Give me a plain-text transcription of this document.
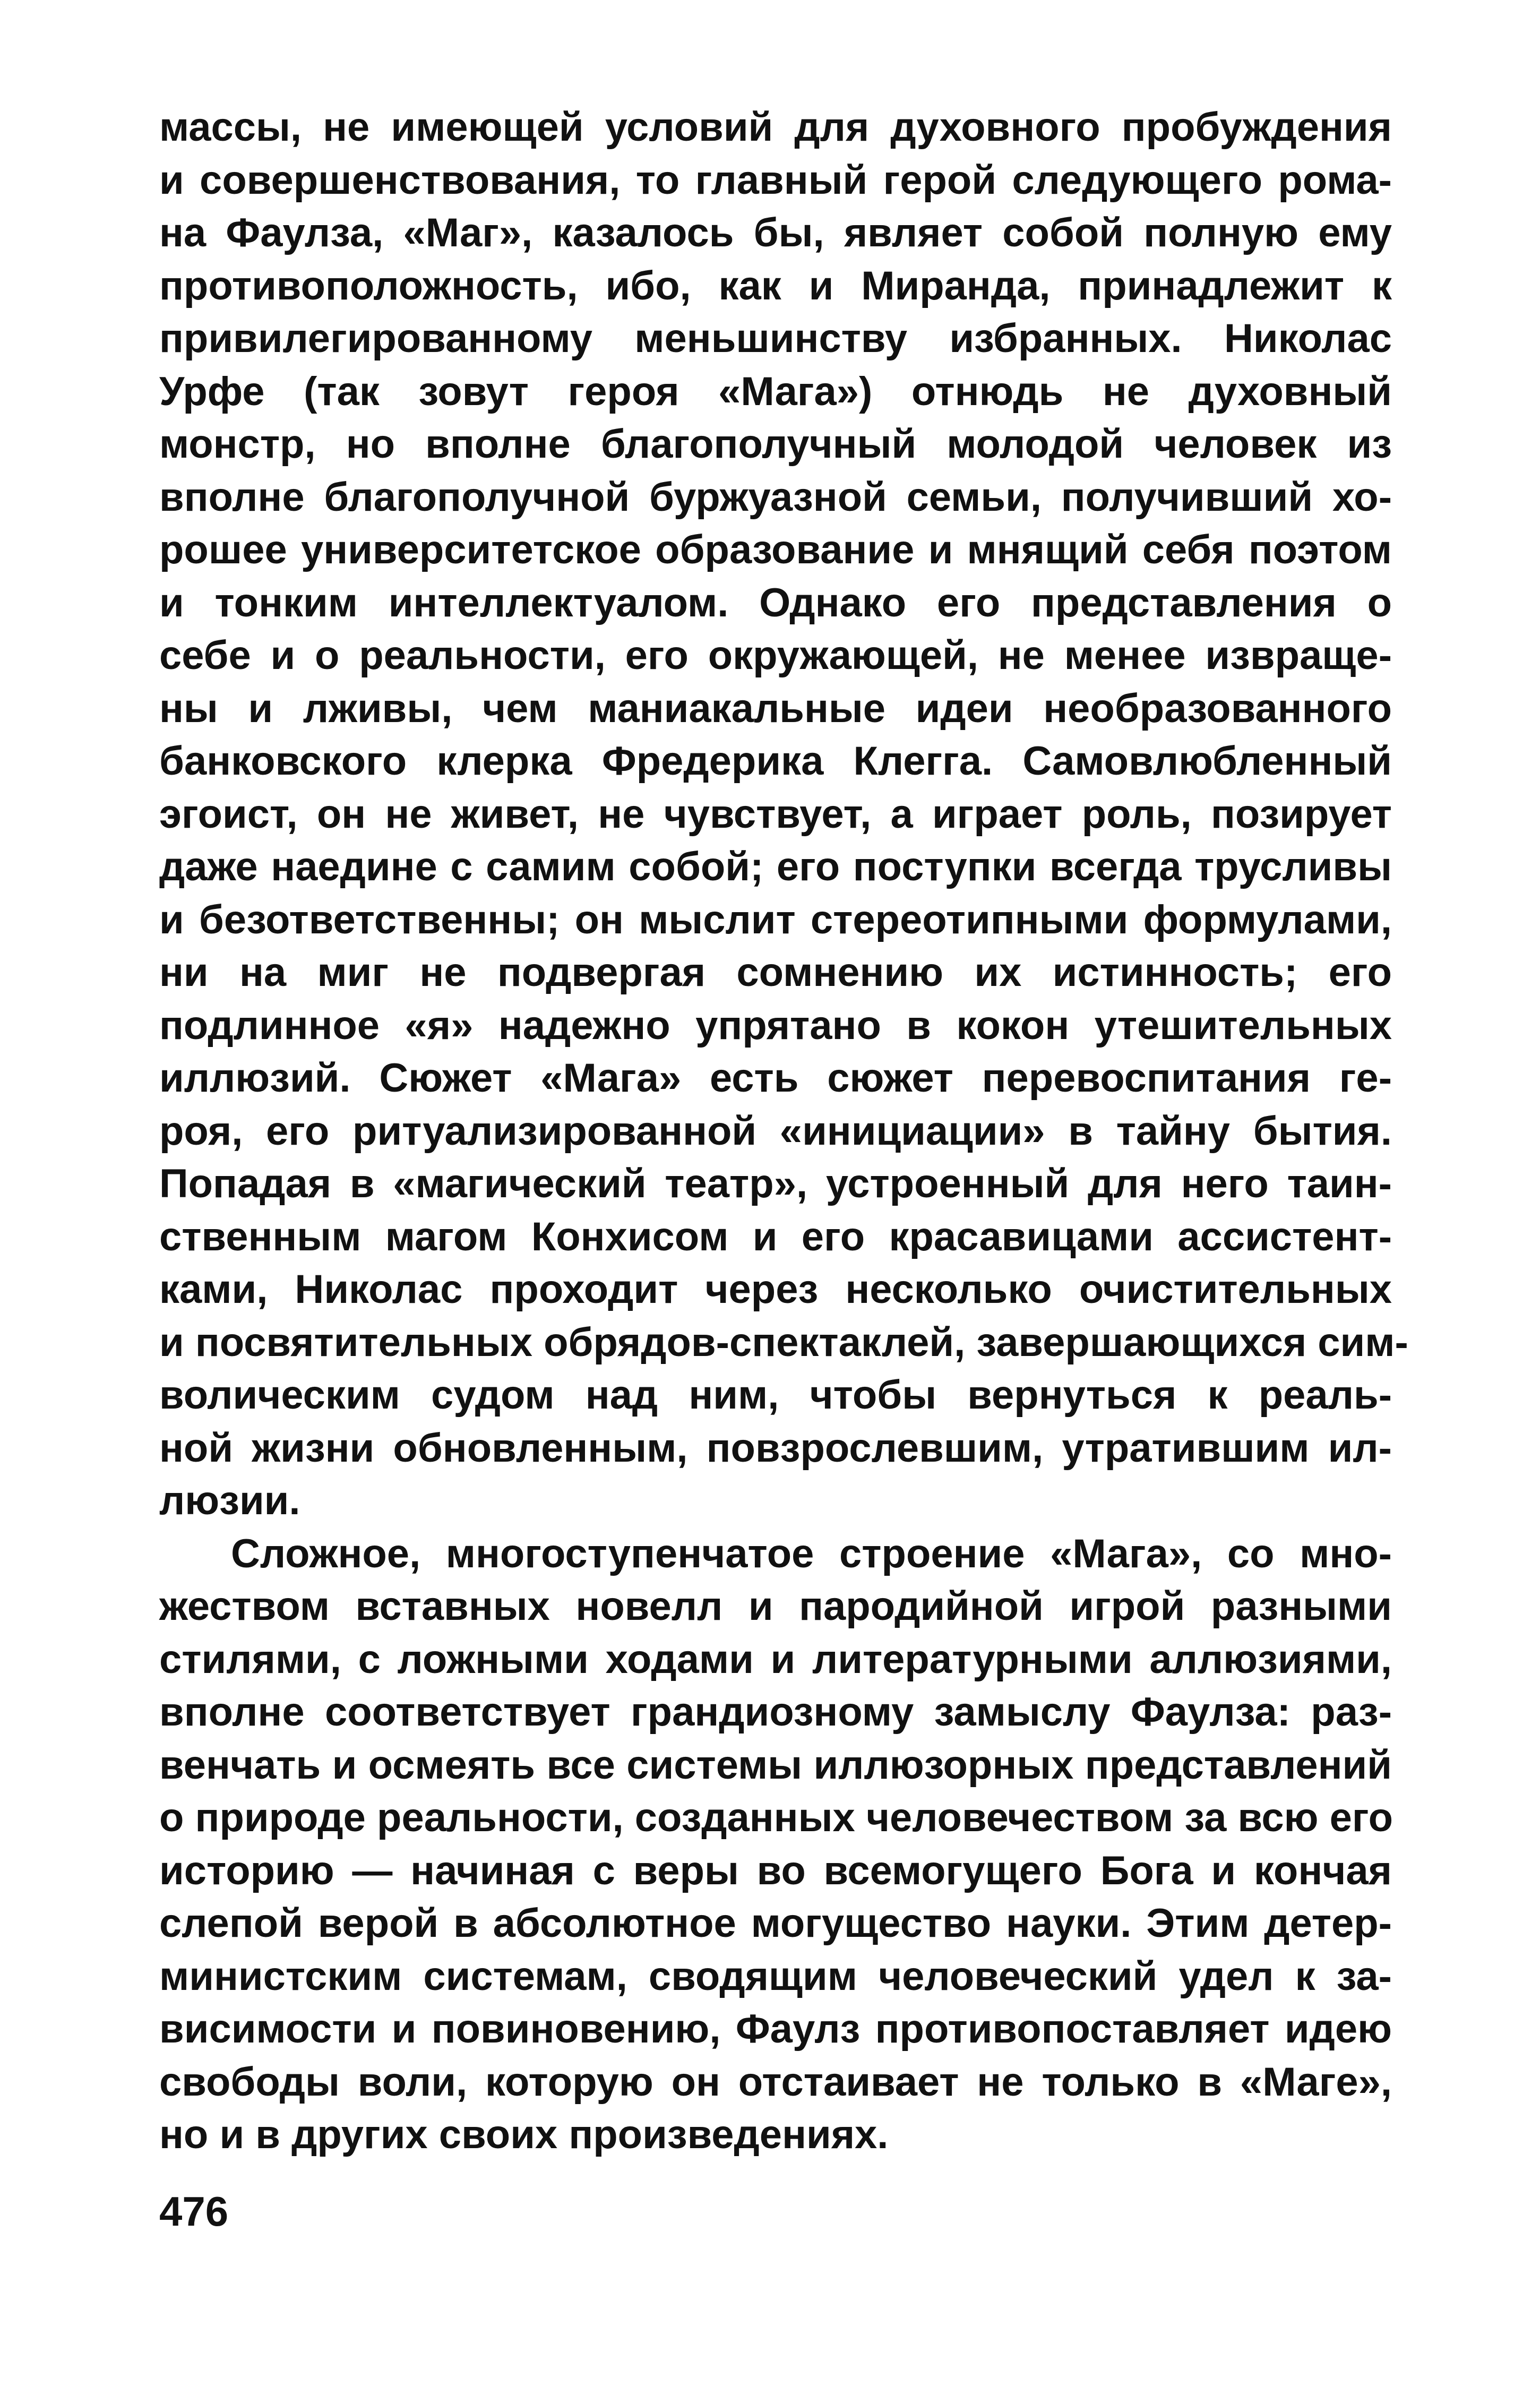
массы, не имеющей условий для духовного пробуждения
и совершенствования, то главный герой следующего рома-
на Фаулза, «Маг», казалось бы, являет собой полную ему
противоположность, ибо, как и Миранда, принадлежит к
привилегированному меньшинству избранных. Николас
Урфе (так зовут героя «Мага») отнюдь не духовный
монстр, но вполне благополучный молодой человек из
вполне благополучной буржуазной семьи, получивший хо-
рошее университетское образование и мнящий себя поэтом
и тонким интеллектуалом. Однако его представления о
себе и о реальности, его окружающей, не менее извраще-
ны и лживы, чем маниакальные идеи необразованного
банковского клерка Фредерика Клегга. Самовлюбленный
эгоист, он не живет, не чувствует, а играет роль, позирует
даже наедине с самим собой; его поступки всегда трусливы
и безответственны; он мыслит стереотипными формулами,
ни на миг не подвергая сомнению их истинность; его
подлинное «я» надежно упрятано в кокон утешительных
иллюзий. Сюжет «Мага» есть сюжет перевоспитания ге-
роя, его ритуализированной «инициации» в тайну бытия.
Попадая в «магический театр», устроенный для него таин-
ственным магом Конхисом и его красавицами ассистент-
ками, Николас проходит через несколько очистительных
и посвятительных обрядов-спектаклей, завершающихся сим-
волическим судом над ним, чтобы вернуться к реаль-
ной жизни обновленным, повзрослевшим, утратившим ил-
люзии.
Сложное, многоступенчатое строение «Мага», со мно-
жеством вставных новелл и пародийной игрой разными
стилями, с ложными ходами и литературными аллюзиями,
вполне соответствует грандиозному замыслу Фаулза: раз-
венчать и осмеять все системы иллюзорных представлений
о природе реальности, созданных человечеством за всю его
историю — начиная с веры во всемогущего Бога и кончая
слепой верой в абсолютное могущество науки. Этим детер-
министским системам, сводящим человеческий удел к за-
висимости и повиновению, Фаулз противопоставляет идею
свободы воли, которую он отстаивает не только в «Маге»,
но и в других своих произведениях.
476
